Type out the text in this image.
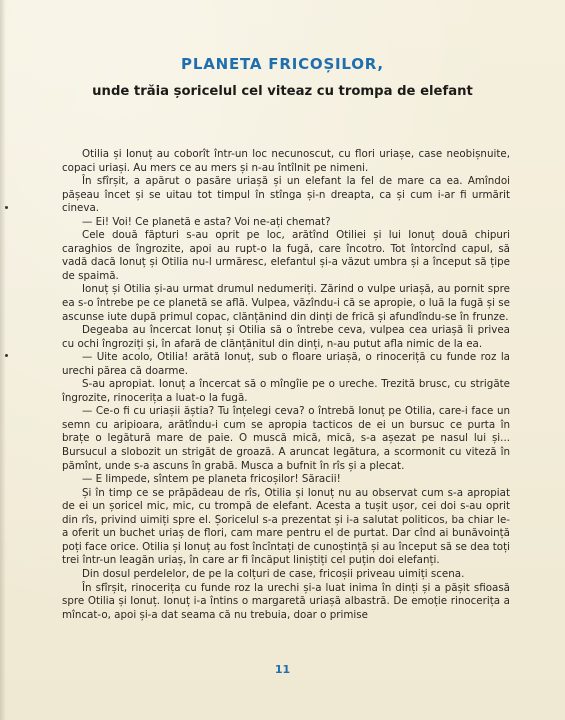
PLANETA FRICOȘILOR,
unde trăia șoricelul cel viteaz cu trompa de elefant

Otilia și Ionuț au coborît într-un loc necunoscut, cu flori uriașe, case neobișnuite, copaci uriași. Au mers ce au mers și n-au întîlnit pe nimeni.

În sfîrșit, a apărut o pasăre uriașă și un elefant la fel de mare ca ea. Amîndoi pășeau încet și se uitau tot timpul în stînga și-n dreapta, ca și cum i-ar fi urmărit cineva.

— Ei! Voi! Ce planetă e asta? Voi ne-ați chemat?

Cele două făpturi s-au oprit pe loc, arătînd Otiliei și lui Ionuț două chipuri caraghios de îngrozite, apoi au rupt-o la fugă, care încotro. Tot întorcînd capul, să vadă dacă Ionuț și Otilia nu-l urmăresc, elefantul și-a văzut umbra și a început să țipe de spaimă.

Ionuț și Otilia și-au urmat drumul nedumeriți. Zărind o vulpe uriașă, au pornit spre ea s-o întrebe pe ce planetă se află. Vulpea, văzîndu-i că se apropie, o luă la fugă și se ascunse iute după primul copac, clănțănind din dinți de frică și afundîndu-se în frunze.

Degeaba au încercat Ionuț și Otilia să o întrebe ceva, vulpea cea uriașă îi privea cu ochi îngroziți și, în afară de clănțănitul din dinți, n-au putut afla nimic de la ea.

— Uite acolo, Otilia! arătă Ionuț, sub o floare uriașă, o rinoceriță cu funde roz la urechi părea că doarme.

S-au apropiat. Ionuț a încercat să o mîngîie pe o ureche. Trezită brusc, cu strigăte îngrozite, rinocerița a luat-o la fugă.

— Ce-o fi cu uriașii ăștia? Tu înțelegi ceva? o întrebă Ionuț pe Otilia, care-i face un semn cu aripioara, arătîndu-i cum se apropia tacticos de ei un bursuc ce purta în brațe o legătură mare de paie. O muscă mică, mică, s-a așezat pe nasul lui și... Bursucul a slobozit un strigăt de groază. A aruncat legătura, a scormonit cu viteză în pămînt, unde s-a ascuns în grabă. Musca a bufnit în rîs și a plecat.

— E limpede, sîntem pe planeta fricoșilor! Săracii!

Și în timp ce se prăpădeau de rîs, Otilia și Ionuț nu au observat cum s-a apropiat de ei un șoricel mic, mic, cu trompă de elefant. Acesta a tușit ușor, cei doi s-au oprit din rîs, privind uimiți spre el. Șoricelul s-a prezentat și i-a salutat politicos, ba chiar le-a oferit un buchet uriaș de flori, cam mare pentru el de purtat. Dar cînd ai bunăvoință poți face orice. Otilia și Ionuț au fost încîntați de cunoștință și au început să se dea toți trei într-un leagăn uriaș, în care ar fi încăput liniștiți cel puțin doi elefanți.

Din dosul perdelelor, de pe la colțuri de case, fricoșii priveau uimiți scena.

În sfîrșit, rinocerița cu funde roz la urechi și-a luat inima în dinți și a pășit sfioasă spre Otilia și Ionuț. Ionuț i-a întins o margaretă uriașă albastră. De emoție rinocerița a mîncat-o, apoi și-a dat seama că nu trebuia, doar o primise

11
